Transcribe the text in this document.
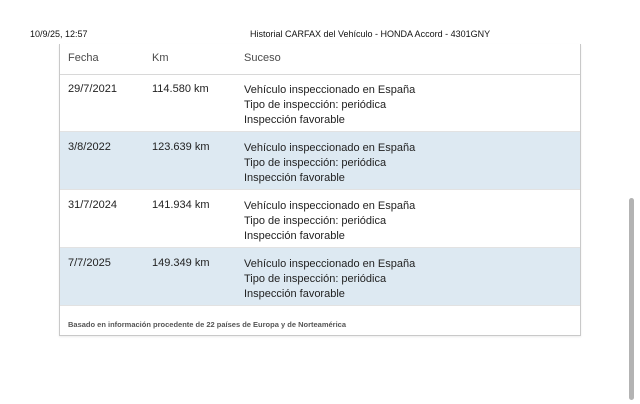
10/9/25, 12:57	Historial CARFAX del Vehículo - HONDA Accord - 4301GNY
Fecha	Km	Suceso
29/7/2021	114.580 km	Vehículo inspeccionado en España
Tipo de inspección: periódica
Inspección favorable
3/8/2022	123.639 km	Vehículo inspeccionado en España
Tipo de inspección: periódica
Inspección favorable
31/7/2024	141.934 km	Vehículo inspeccionado en España
Tipo de inspección: periódica
Inspección favorable
7/7/2025	149.349 km	Vehículo inspeccionado en España
Tipo de inspección: periódica
Inspección favorable
Basado en información procedente de 22 países de Europa y de Norteamérica
